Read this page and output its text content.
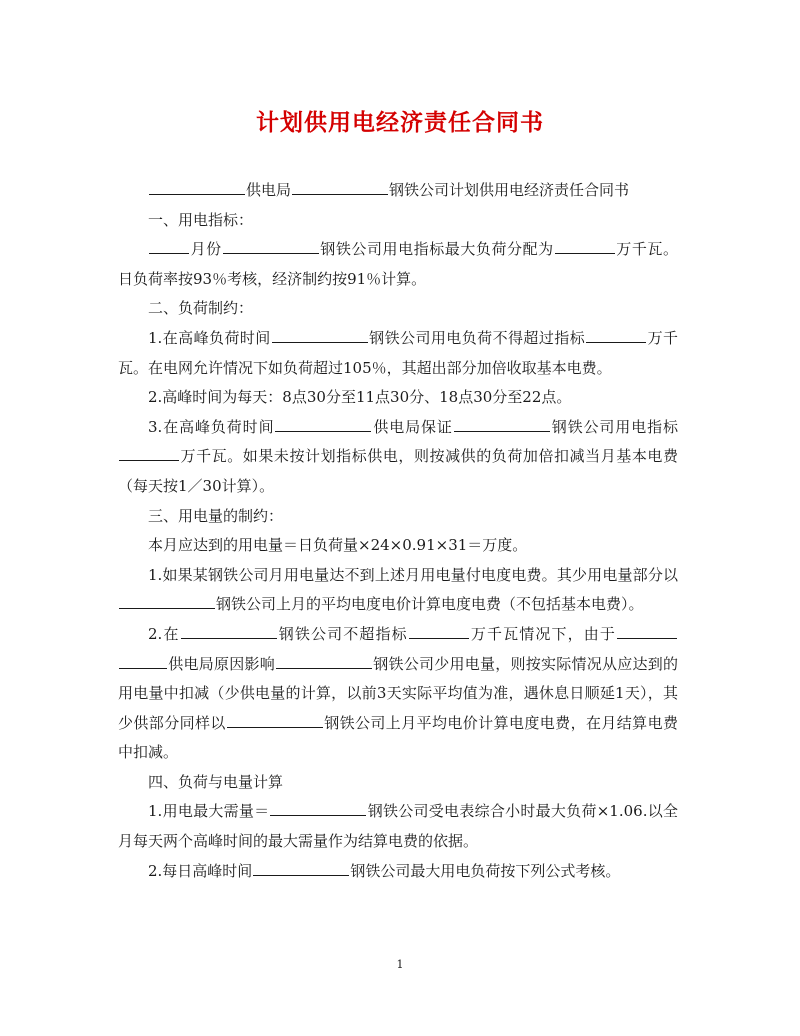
计划供用电经济责任合同书

供电局	钢铁公司计划供用电经济责任合同书

一、用电指标：

月份	钢铁公司用电指标最大负荷分配为	万千瓦。日负荷率按93％考核，经济制约按91％计算。

二、负荷制约：

1.在高峰负荷时间	钢铁公司用电负荷不得超过指标	万千瓦。在电网允许情况下如负荷超过105％，其超出部分加倍收取基本电费。

2.高峰时间为每天：8点30分至11点30分、18点30分至22点。

3.在高峰负荷时间	供电局保证	钢铁公司用电指标万千瓦。如果未按计划指标供电，则按减供的负荷加倍扣减当月基本电费（每天按1／30计算）。

三、用电量的制约：

本月应达到的用电量＝日负荷量×24×0.91×31＝万度。

1.如果某钢铁公司月用电量达不到上述月用电量付电度电费。其少用电量部分以钢铁公司上月的平均电度电价计算电度电费（不包括基本电费）。

2.在	钢铁公司不超指标	万千瓦情况下，由于供电局原因影响	钢铁公司少用电量，则按实际情况从应达到的用电量中扣减（少供电量的计算，以前3天实际平均值为准，遇休息日顺延1天），其少供部分同样以	钢铁公司上月平均电价计算电度电费，在月结算电费中扣减。

四、负荷与电量计算

1.用电最大需量＝	钢铁公司受电表综合小时最大负荷×1.06.以全月每天两个高峰时间的最大需量作为结算电费的依据。

2.每日高峰时间	钢铁公司最大用电负荷按下列公式考核。

1
